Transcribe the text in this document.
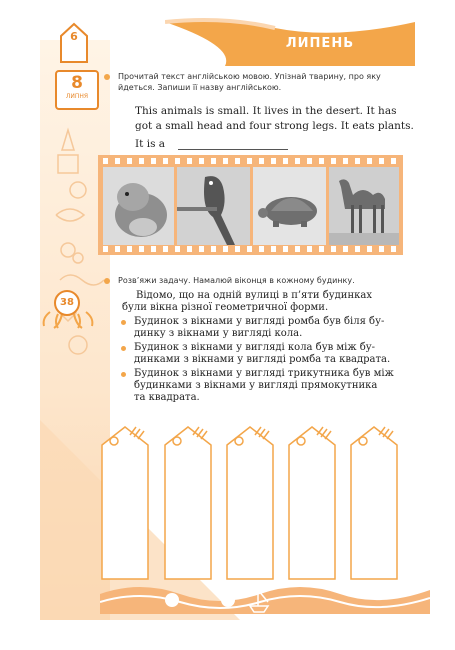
38
ЛИПЕНЬ
6
8
ЛИПНЯ
Прочитай текст англійською мовою. Упізнай тварину, про яку
йдеться. Запиши її назву англійською.
This animals is small. It lives in the desert. It has
got a small head and four strong legs. It eats plants.
It is a
Розв’яжи задачу. Намалюй віконця в кожному будинку.
Відомо, що на одній вулиці в п’яти будинках
були вікна різної геометричної форми.
Будинок з вікнами у вигляді ромба був біля бу-
динку з вікнами у вигляді кола.
Будинок з вікнами у вигляді кола був між бу-
динками з вікнами у вигляді ромба та квадрата.
Будинок з вікнами у вигляді трикутника був між
будинками з вікнами у вигляді прямокутника
та квадрата.
